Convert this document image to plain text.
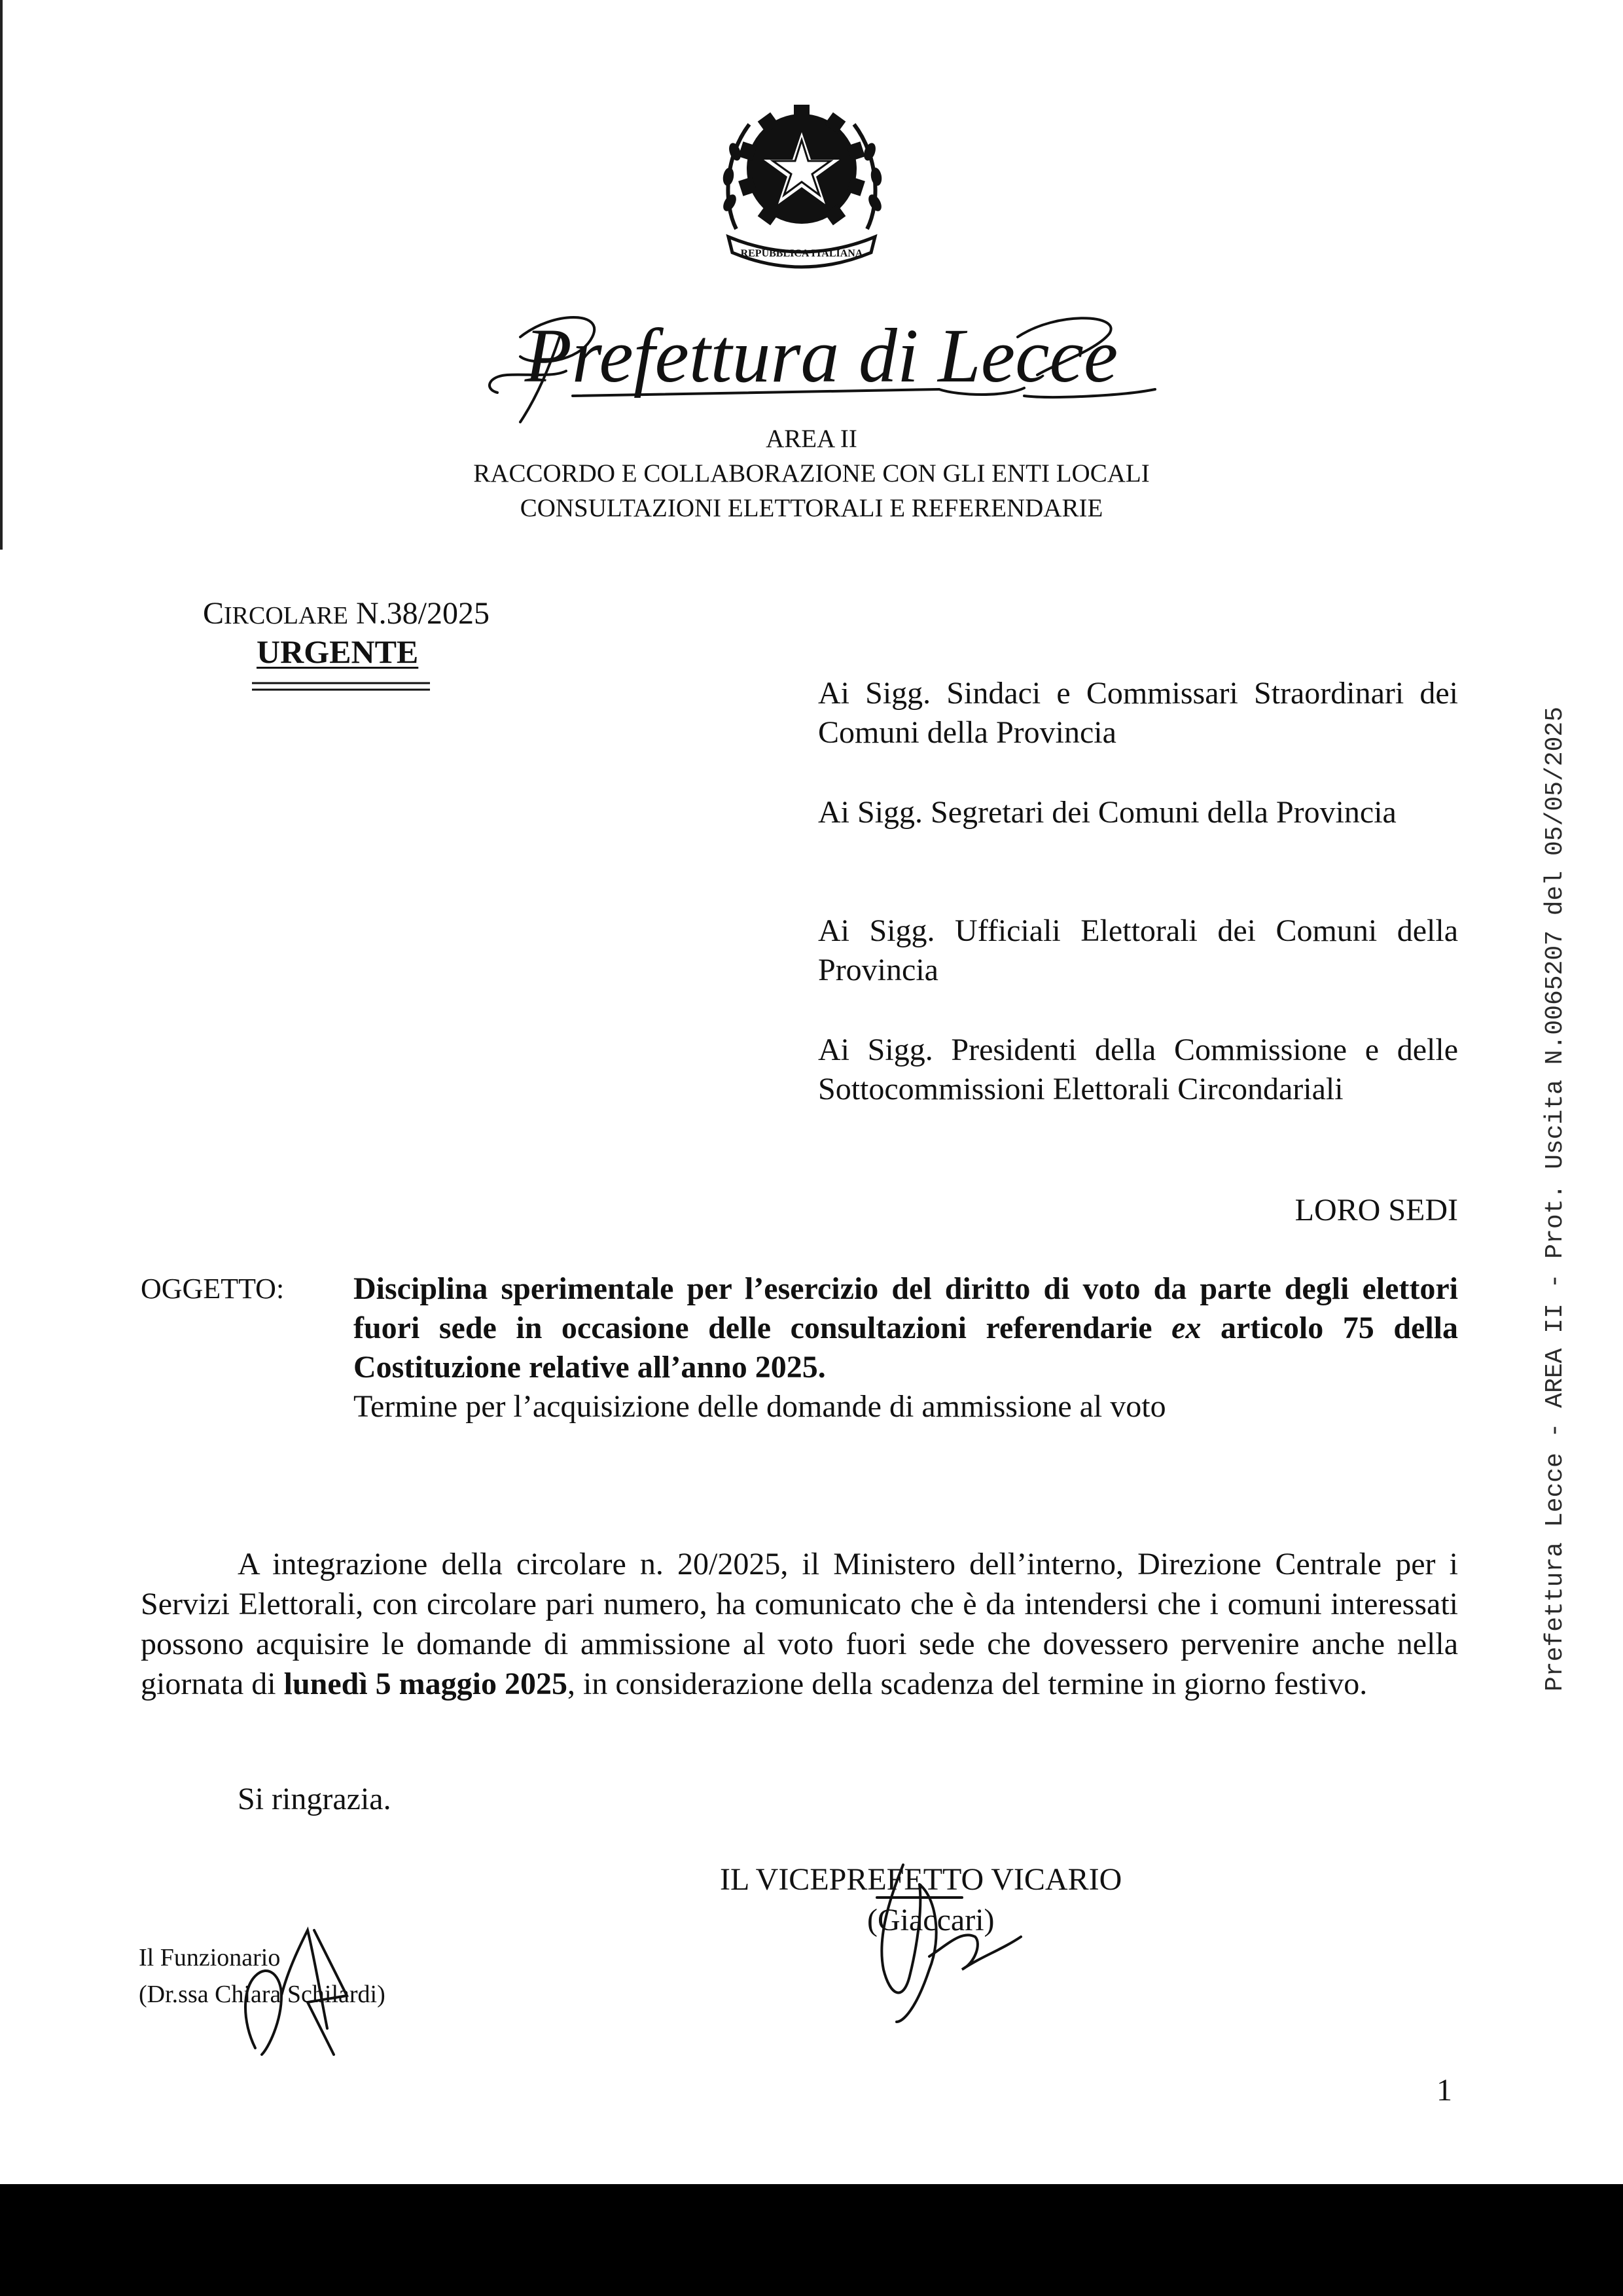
REPUBBLICA ITALIANA
Prefettura di Lecce
AREA II
RACCORDO E COLLABORAZIONE CON GLI ENTI LOCALI
CONSULTAZIONI ELETTORALI E REFERENDARIE
CIRCOLARE N.38/2025
URGENTE
Ai Sigg. Sindaci e Commissari Straordinari dei Comuni della Provincia
Ai Sigg. Segretari dei Comuni della Provincia
Ai Sigg. Ufficiali Elettorali dei Comuni della Provincia
Ai Sigg. Presidenti della Commissione e delle Sottocommissioni Elettorali Circondariali
LORO SEDI
OGGETTO: Disciplina sperimentale per l’esercizio del diritto di voto da parte degli elettori fuori sede in occasione delle consultazioni referendarie ex articolo 75 della Costituzione relative all’anno 2025.
Termine per l’acquisizione delle domande di ammissione al voto
A integrazione della circolare n. 20/2025, il Ministero dell’interno, Direzione Centrale per i Servizi Elettorali, con circolare pari numero, ha comunicato che è da intendersi che i comuni interessati possono acquisire le domande di ammissione al voto fuori sede che dovessero pervenire anche nella giornata di lunedì 5 maggio 2025, in considerazione della scadenza del termine in giorno festivo.
Si ringrazia.
IL VICEPREFETTO VICARIO
(Giaccari)
Il Funzionario
(Dr.ssa Chiara Schilardi)
1
Prefettura Lecce - AREA II - Prot. Uscita N.0065207 del 05/05/2025
